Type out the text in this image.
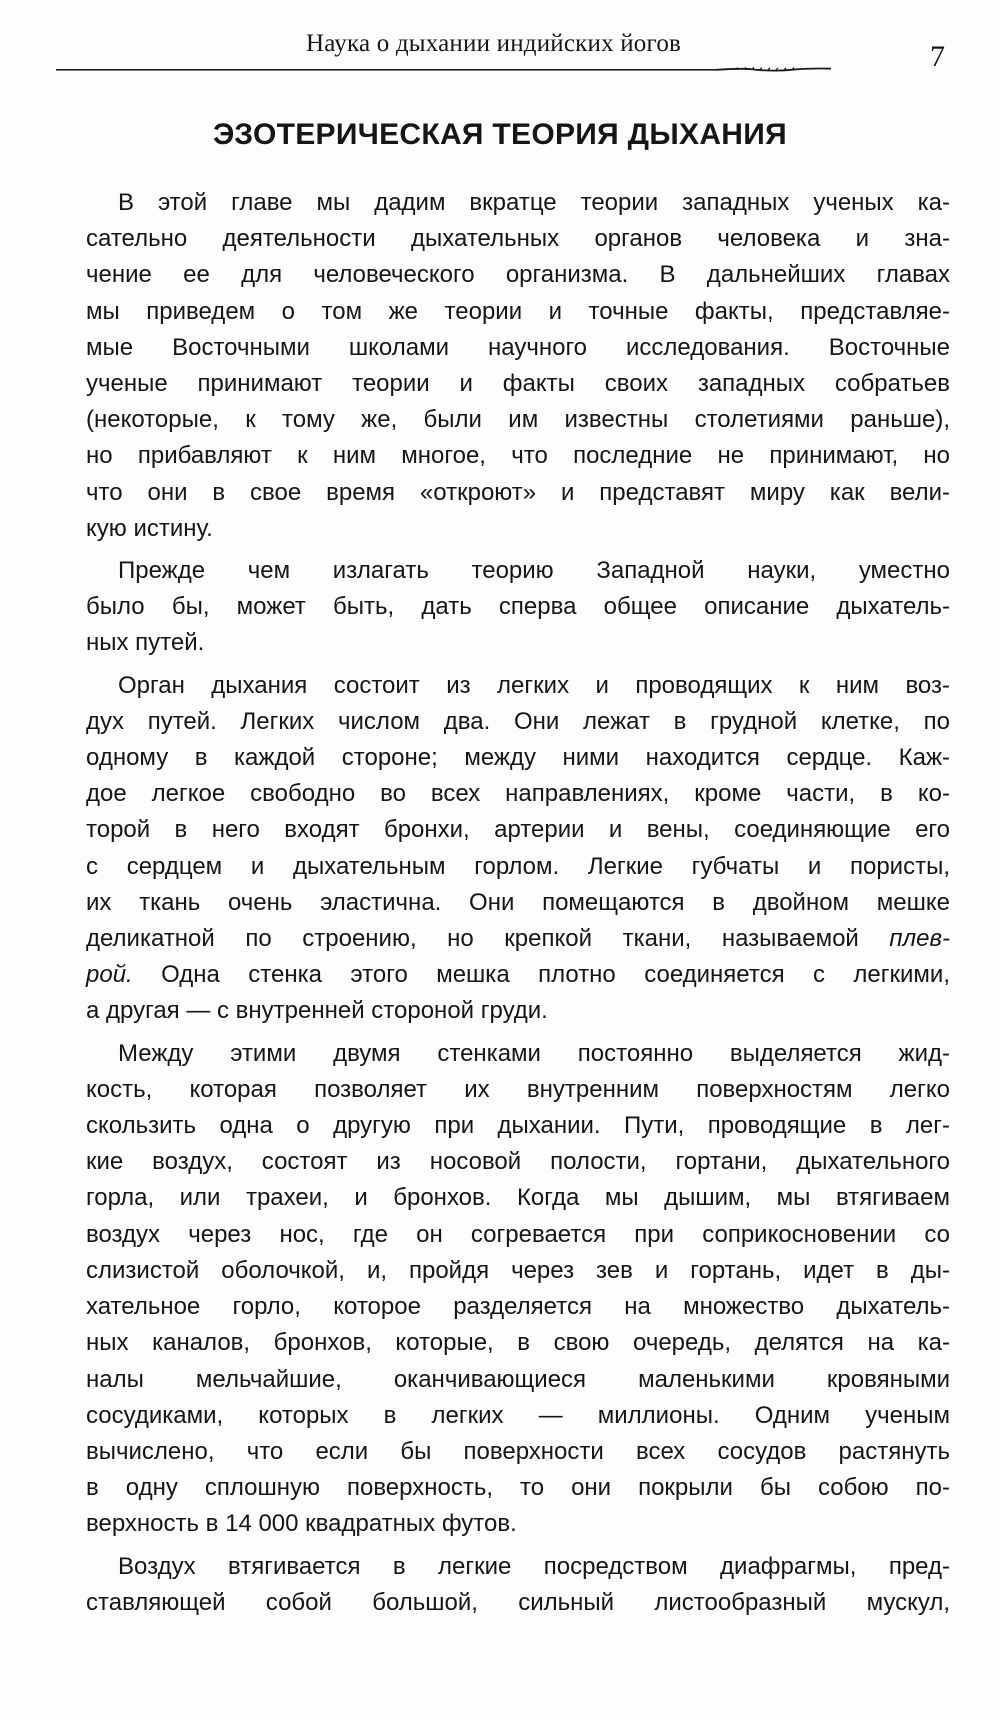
Наука о дыхании индийских йогов	7
ЭЗОТЕРИЧЕСКАЯ ТЕОРИЯ ДЫХАНИЯ

В этой главе мы дадим вкратце теории западных ученых ка-
сательно деятельности дыхательных органов человека и зна-
чение ее для человеческого организма. В дальнейших главах
мы приведем о том же теории и точные факты, представляе-
мые Восточными школами научного исследования. Восточные
ученые принимают теории и факты своих западных собратьев
(некоторые, к тому же, были им известны столетиями раньше),
но прибавляют к ним многое, что последние не принимают, но
что они в свое время «откроют» и представят миру как вели-
кую истину.

Прежде чем излагать теорию Западной науки, уместно
было бы, может быть, дать сперва общее описание дыхатель-
ных путей.

Орган дыхания состоит из легких и проводящих к ним воз-
дух путей. Легких числом два. Они лежат в грудной клетке, по
одному в каждой стороне; между ними находится сердце. Каж-
дое легкое свободно во всех направлениях, кроме части, в ко-
торой в него входят бронхи, артерии и вены, соединяющие его
с сердцем и дыхательным горлом. Легкие губчаты и пористы,
их ткань очень эластична. Они помещаются в двойном мешке
деликатной по строению, но крепкой ткани, называемой плев-
рой. Одна стенка этого мешка плотно соединяется с легкими,
а другая — с внутренней стороной груди.

Между этими двумя стенками постоянно выделяется жид-
кость, которая позволяет их внутренним поверхностям легко
скользить одна о другую при дыхании. Пути, проводящие в лег-
кие воздух, состоят из носовой полости, гортани, дыхательного
горла, или трахеи, и бронхов. Когда мы дышим, мы втягиваем
воздух через нос, где он согревается при соприкосновении со
слизистой оболочкой, и, пройдя через зев и гортань, идет в ды-
хательное горло, которое разделяется на множество дыхатель-
ных каналов, бронхов, которые, в свою очередь, делятся на ка-
налы мельчайшие, оканчивающиеся маленькими кровяными
сосудиками, которых в легких — миллионы. Одним ученым
вычислено, что если бы поверхности всех сосудов растянуть
в одну сплошную поверхность, то они покрыли бы собою по-
верхность в 14 000 квадратных футов.

Воздух втягивается в легкие посредством диафрагмы, пред-
ставляющей собой большой, сильный листообразный мускул,
